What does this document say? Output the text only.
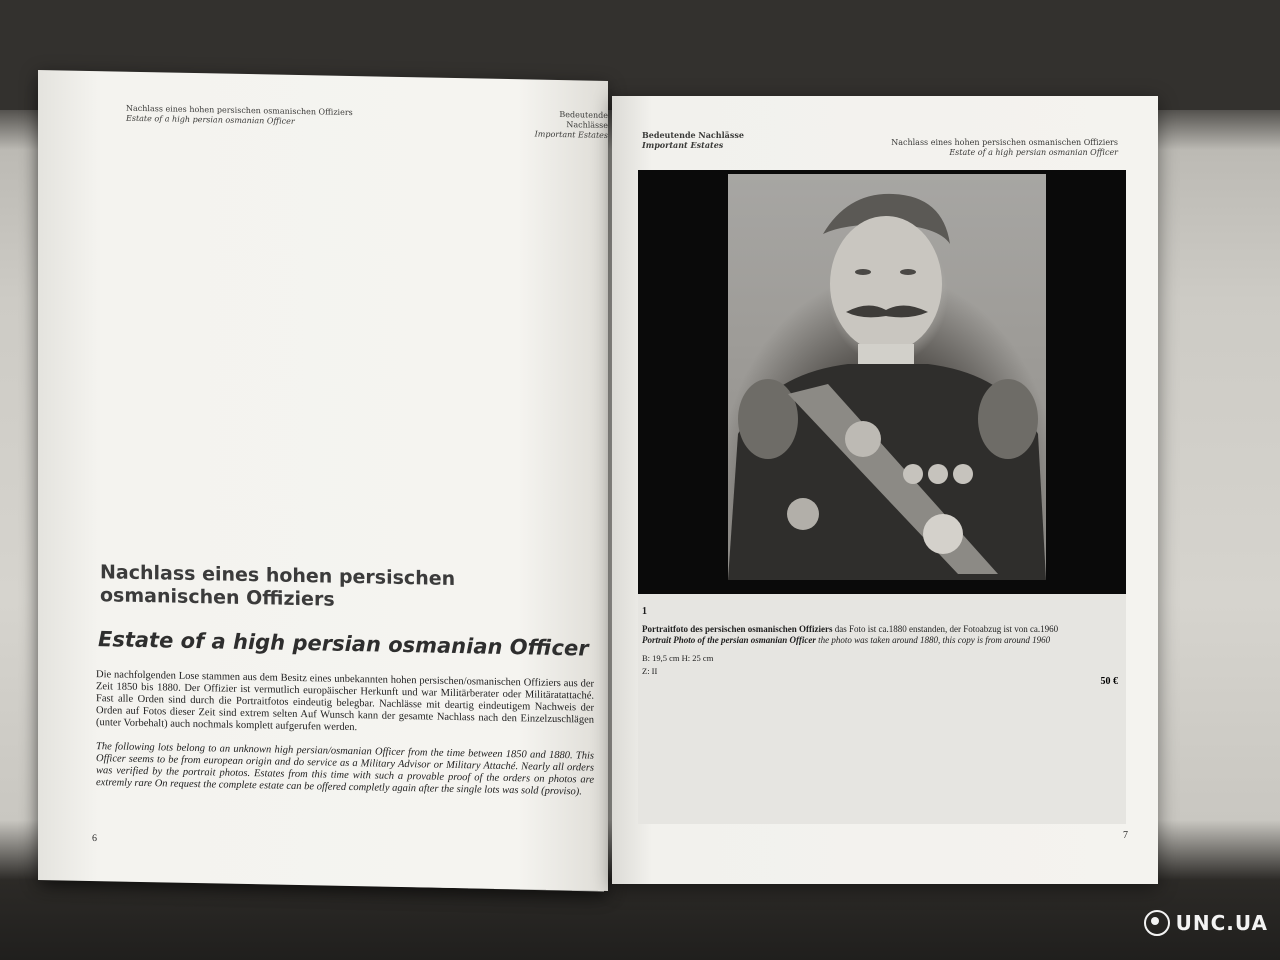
Nachlass eines hohen persischen osmanischen Offiziers
Estate of a high persian osmanian Officer	Bedeutende Nachlässe
Important Estates
Nachlass eines hohen persischen osmanischen Offiziers
Estate of a high persian osmanian Officer
Die nachfolgenden Lose stammen aus dem Besitz eines unbekannten hohen persischen/osmanischen Offiziers aus der Zeit 1850 bis 1880. Der Offizier ist vermutlich europäischer Herkunft und war Militärberater oder Militäratattaché. Fast alle Orden sind durch die Portraitfotos eindeutig belegbar. Nachlässe mit deartig eindeutigem Nachweis der Orden auf Fotos dieser Zeit sind extrem selten Auf Wunsch kann der gesamte Nachlass nach den Einzelzuschlägen (unter Vorbehalt) auch nochmals komplett aufgerufen werden.
The following lots belong to an unknown high persian/osmanian Officer from the time between 1850 and 1880. This Officer seems to be from european origin and do service as a Military Advisor or Military Attaché. Nearly all orders was verified by the portrait photos. Estates from this time with such a provable proof of the orders on photos are extremly rare On request the complete estate can be offered completly again after the single lots was sold (proviso).
6
Bedeutende Nachlässe
Important Estates	Nachlass eines hohen persischen osmanischen Offiziers
Estate of a high persian osmanian Officer
1
Portraitfoto des persischen osmanischen Offiziers das Foto ist ca.1880 enstanden, der Fotoabzug ist von ca.1960
Portrait Photo of the persian osmanian Officer the photo was taken around 1880, this copy is from around 1960
B: 19,5 cm H: 25 cm
Z: II
50 €
7
UNC.UA
